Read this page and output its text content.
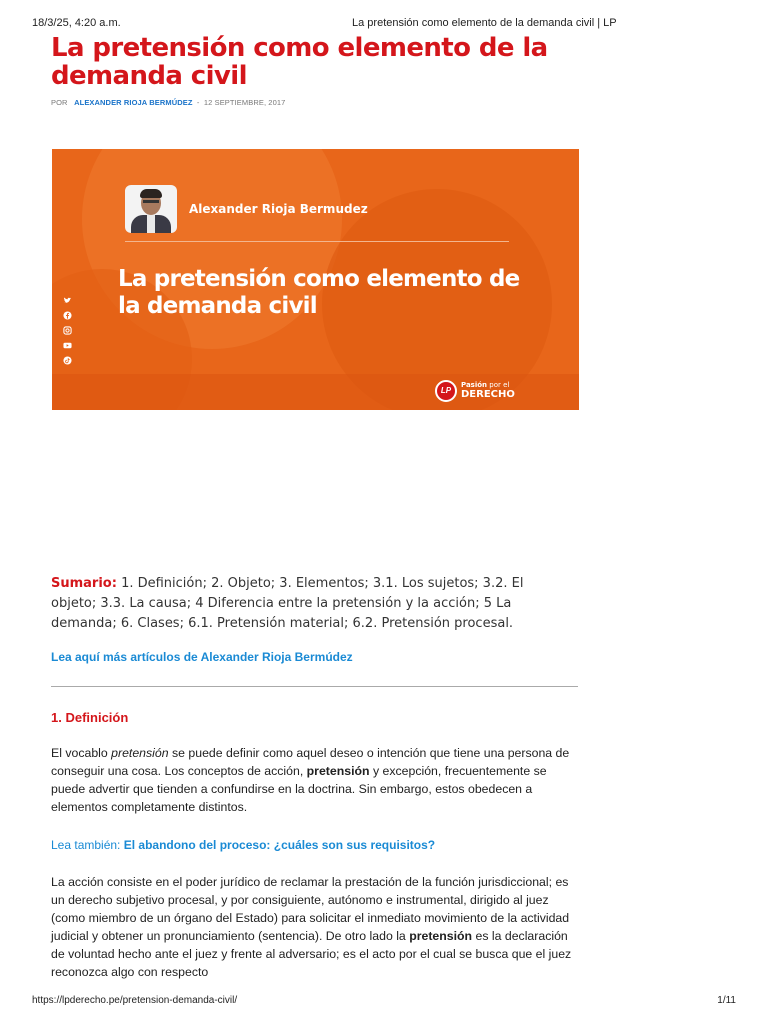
18/3/25, 4:20 a.m.	La pretensión como elemento de la demanda civil | LP
La pretensión como elemento de la demanda civil
POR ALEXANDER RIOJA BERMÚDEZ - 12 SEPTIEMBRE, 2017
Alexander Rioja Bermudez
La pretensión como elemento de la demanda civil
LP
Pasión por el
DERECHO

Sumario: 1. Definición; 2. Objeto; 3. Elementos; 3.1. Los sujetos; 3.2. El objeto; 3.3. La causa; 4 Diferencia entre la pretensión y la acción; 5 La demanda; 6. Clases; 6.1. Pretensión material; 6.2. Pretensión procesal.

Lea aquí más artículos de Alexander Rioja Bermúdez
1. Definición

El vocablo pretensión se puede definir como aquel deseo o intención que tiene una persona de conseguir una cosa. Los conceptos de acción, pretensión y excepción, frecuentemente se puede advertir que tienden a confundirse en la doctrina. Sin embargo, estos obedecen a elementos completamente distintos.

Lea también: El abandono del proceso: ¿cuáles son sus requisitos?

La acción consiste en el poder jurídico de reclamar la prestación de la función jurisdiccional; es un derecho subjetivo procesal, y por consiguiente, autónomo e instrumental, dirigido al juez (como miembro de un órgano del Estado) para solicitar el inmediato movimiento de la actividad judicial y obtener un pronunciamiento (sentencia). De otro lado la pretensión es la declaración de voluntad hecho ante el juez y frente al adversario; es el acto por el cual se busca que el juez reconozca algo con respecto

https://lpderecho.pe/pretension-demanda-civil/	1/11
